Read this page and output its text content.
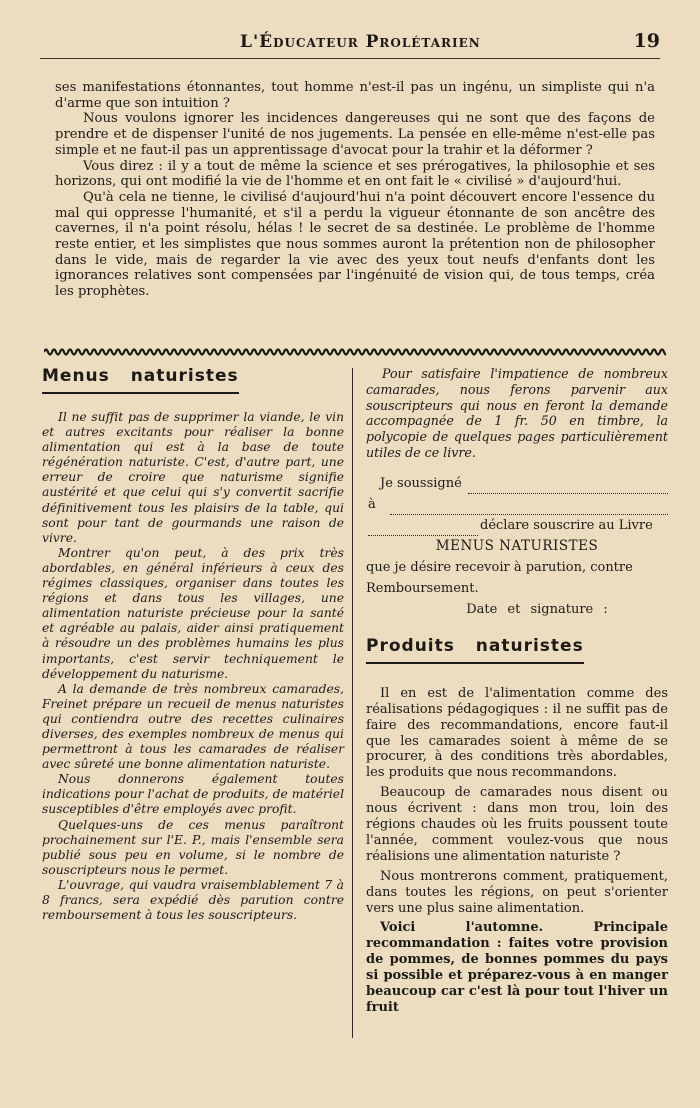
L'Éducateur Prolétarien	19

ses manifestations étonnantes, tout homme n'est-il pas un ingénu, un simpliste qui n'a d'arme que son intuition ?

Nous voulons ignorer les incidences dangereuses qui ne sont que des façons de prendre et de dispenser l'unité de nos jugements. La pensée en elle-même n'est-elle pas simple et ne faut-il pas un apprentissage d'avocat pour la trahir et la déformer ?

Vous direz : il y a tout de même la science et ses prérogatives, la philosophie et ses horizons, qui ont modifié la vie de l'homme et en ont fait le « civilisé » d'aujourd'hui.

Qu'à cela ne tienne, le civilisé d'aujourd'hui n'a point découvert encore l'essence du mal qui oppresse l'humanité, et s'il a perdu la vigueur étonnante de son ancêtre des cavernes, il n'a point résolu, hélas ! le secret de sa destinée. Le problème de l'homme reste entier, et les simplistes que nous sommes auront la prétention non de philosopher dans le vide, mais de regarder la vie avec des yeux tout neufs d'enfants dont les ignorances relatives sont compensées par l'ingénuité de vision qui, de tous temps, créa les prophètes.

Menus naturistes

Il ne suffit pas de supprimer la viande, le vin et autres excitants pour réaliser la bonne alimentation qui est à la base de toute régénération naturiste. C'est, d'autre part, une erreur de croire que naturisme signifie austérité et que celui qui s'y convertit sacrifie définitivement tous les plaisirs de la table, qui sont pour tant de gourmands une raison de vivre.

Montrer qu'on peut, à des prix très abordables, en général inférieurs à ceux des régimes classiques, organiser dans toutes les régions et dans tous les villages, une alimentation naturiste précieuse pour la santé et agréable au palais, aider ainsi pratiquement à résoudre un des problèmes humains les plus importants, c'est servir techniquement le développement du naturisme.

A la demande de très nombreux camarades, Freinet prépare un recueil de menus naturistes qui contiendra outre des recettes culinaires diverses, des exemples nombreux de menus qui permettront à tous les camarades de réaliser avec sûreté une bonne alimentation naturiste.

Nous donnerons également toutes indications pour l'achat de produits, de matériel susceptibles d'être employés avec profit.

Quelques-uns de ces menus paraîtront prochainement sur l'E. P., mais l'ensemble sera publié sous peu en volume, si le nombre de souscripteurs nous le permet.

L'ouvrage, qui vaudra vraisemblablement 7 à 8 francs, sera expédié dès parution contre remboursement à tous les souscripteurs.

Pour satisfaire l'impatience de nombreux camarades, nous ferons parvenir aux souscripteurs qui nous en feront la demande accompagnée de 1 fr. 50 en timbre, la polycopie de quelques pages particulièrement utiles de ce livre.

Je soussigné
à
déclare souscrire au Livre
MENUS NATURISTES
que je désire recevoir à parution, contre Remboursement.
Date et signature :
Produits naturistes

Il en est de l'alimentation comme des réalisations pédagogiques : il ne suffit pas de faire des recommandations, encore faut-il que les camarades soient à même de se procurer, à des conditions très abordables, les produits que nous recommandons.

Beaucoup de camarades nous disent ou nous écrivent : dans mon trou, loin des régions chaudes où les fruits poussent toute l'année, comment voulez-vous que nous réalisions une alimentation naturiste ?

Nous montrerons comment, pratiquement, dans toutes les régions, on peut s'orienter vers une plus saine alimentation.

Voici l'automne. Principale recommandation : faites votre provision de pommes, de bonnes pommes du pays si possible et préparez-vous à en manger beaucoup car c'est là pour tout l'hiver un fruit
